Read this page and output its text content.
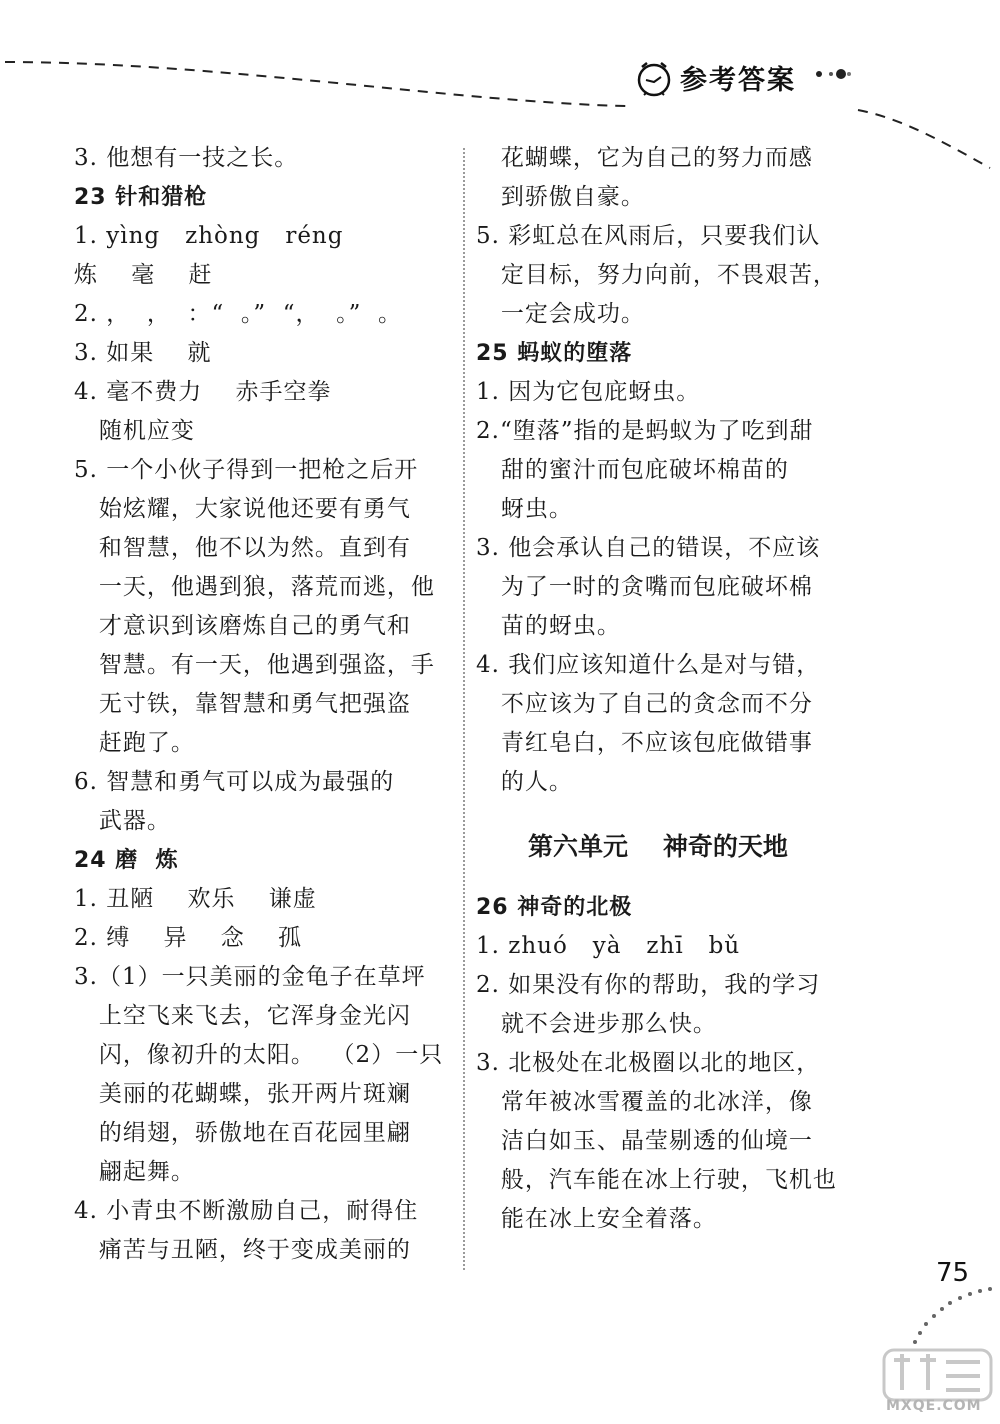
参考答案
3. 他想有一技之长。
23 针和猎枪
1. yìng   zhòng   réng
炼    毫    赶
2. ，  ，  ：“  。”  “，  。”  。
3. 如果    就
4. 毫不费力    赤手空拳
随机应变
5. 一个小伙子得到一把枪之后开
始炫耀，大家说他还要有勇气
和智慧，他不以为然。直到有
一天，他遇到狼，落荒而逃，他
才意识到该磨炼自己的勇气和
智慧。有一天，他遇到强盗，手
无寸铁，靠智慧和勇气把强盗
赶跑了。
6. 智慧和勇气可以成为最强的
武器。
24 磨  炼
1. 丑陋    欢乐    谦虚
2. 缚    异    念    孤
3.（1）一只美丽的金龟子在草坪
上空飞来飞去，它浑身金光闪
闪，像初升的太阳。  （2）一只
美丽的花蝴蝶，张开两片斑斓
的绢翅，骄傲地在百花园里翩
翩起舞。
4. 小青虫不断激励自己，耐得住
痛苦与丑陋，终于变成美丽的
花蝴蝶，它为自己的努力而感
到骄傲自豪。
5. 彩虹总在风雨后，只要我们认
定目标，努力向前，不畏艰苦，
一定会成功。
25 蚂蚁的堕落
1. 因为它包庇蚜虫。
2.“堕落”指的是蚂蚁为了吃到甜
甜的蜜汁而包庇破坏棉苗的
蚜虫。
3. 他会承认自己的错误，不应该
为了一时的贪嘴而包庇破坏棉
苗的蚜虫。
4. 我们应该知道什么是对与错，
不应该为了自己的贪念而不分
青红皂白，不应该包庇做错事
的人。
第六单元    神奇的天地
26 神奇的北极
1. zhuó   yà   zhī   bǔ
2. 如果没有你的帮助，我的学习
就不会进步那么快。
3. 北极处在北极圈以北的地区，
常年被冰雪覆盖的北冰洋，像
洁白如玉、晶莹剔透的仙境一
般，汽车能在冰上行驶，飞机也
能在冰上安全着落。
75
MXQE.COM
